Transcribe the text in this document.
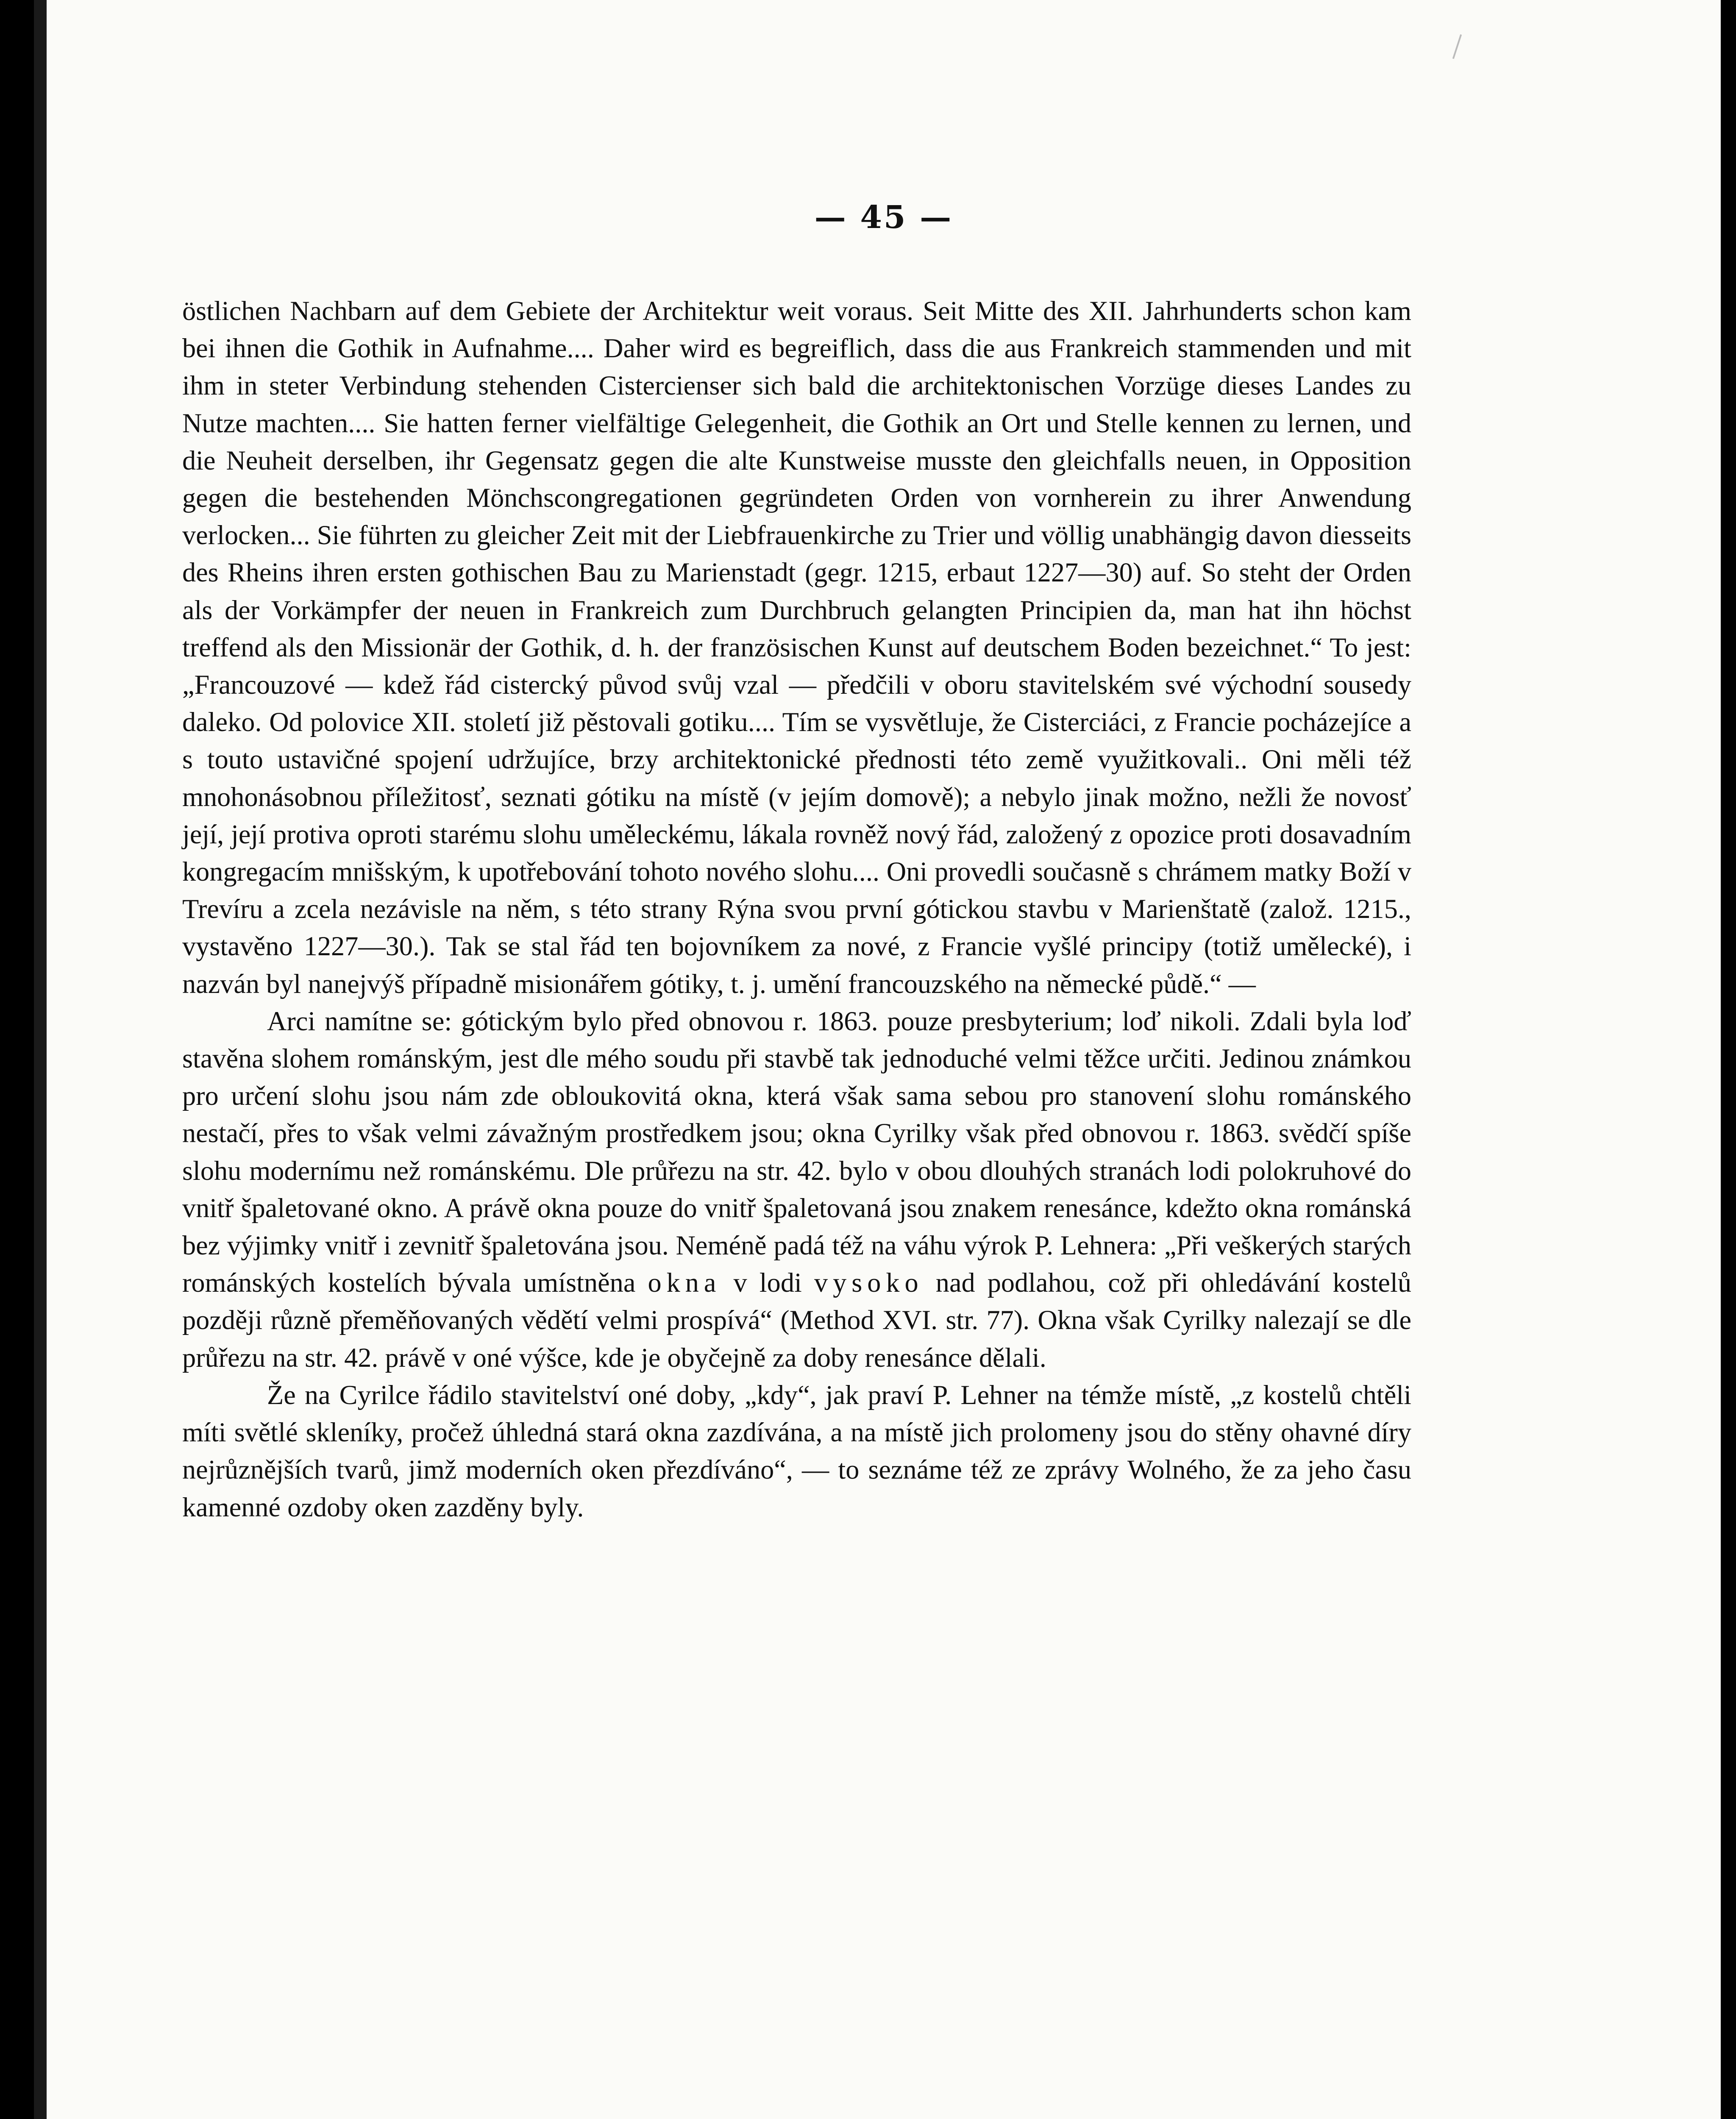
— 45 —

östlichen Nachbarn auf dem Gebiete der Architektur weit voraus. Seit Mitte des XII. Jahrhunderts schon kam bei ihnen die Gothik in Aufnahme.... Daher wird es begreiflich, dass die aus Frankreich stammenden und mit ihm in steter Verbindung stehenden Cistercienser sich bald die architektonischen Vorzüge dieses Landes zu Nutze machten.... Sie hatten ferner vielfältige Gelegenheit, die Gothik an Ort und Stelle kennen zu lernen, und die Neuheit derselben, ihr Gegensatz gegen die alte Kunstweise musste den gleichfalls neuen, in Opposition gegen die bestehenden Mönchscongregationen gegründeten Orden von vornherein zu ihrer Anwendung verlocken... Sie führten zu gleicher Zeit mit der Liebfrauenkirche zu Trier und völlig unabhängig davon diesseits des Rheins ihren ersten gothischen Bau zu Marienstadt (gegr. 1215, erbaut 1227—30) auf. So steht der Orden als der Vorkämpfer der neuen in Frankreich zum Durchbruch gelangten Principien da, man hat ihn höchst treffend als den Missionär der Gothik, d. h. der französischen Kunst auf deutschem Boden bezeichnet.“ To jest: „Francouzové — kdež řád cistercký původ svůj vzal — předčili v oboru stavitelském své východní sousedy daleko. Od polovice XII. století již pěstovali gotiku.... Tím se vysvětluje, že Cisterciáci, z Francie pocházejíce a s touto ustavičné spojení udržujíce, brzy architektonické přednosti této země využitkovali.. Oni měli též mnohonásobnou příležitosť, seznati gótiku na místě (v jejím domově); a nebylo jinak možno, nežli že novosť její, její protiva oproti starému slohu uměleckému, lákala rovněž nový řád, založený z opozice proti dosavadním kongregacím mnišským, k upotřebování tohoto nového slohu.... Oni provedli současně s chrámem matky Boží v Trevíru a zcela nezávisle na něm, s této strany Rýna svou první gótickou stavbu v Marienštatě (založ. 1215., vystavěno 1227—30.). Tak se stal řád ten bojovníkem za nové, z Francie vyšlé principy (totiž umělecké), i nazván byl nanejvýš případně misionářem gótiky, t. j. umění francouzského na německé půdě.“ —

Arci namítne se: gótickým bylo před obnovou r. 1863. pouze presbyterium; loď nikoli. Zdali byla loď stavěna slohem románským, jest dle mého soudu při stavbě tak jednoduché velmi těžce určiti. Jedinou známkou pro určení slohu jsou nám zde obloukovitá okna, která však sama sebou pro stanovení slohu románského nestačí, přes to však velmi závažným prostředkem jsou; okna Cyrilky však před obnovou r. 1863. svědčí spíše slohu modernímu než románskému. Dle průřezu na str. 42. bylo v obou dlouhých stranách lodi polokruhové do vnitř špaletované okno. A právě okna pouze do vnitř špaletovaná jsou znakem renesánce, kdežto okna románská bez výjimky vnitř i zevnitř špaletována jsou. Neméně padá též na váhu výrok P. Lehnera: „Při veškerých starých románských kostelích bývala umístněna okna v lodi vysoko nad podlahou, což při ohledávání kostelů později různě přeměňovaných vědětí velmi prospívá“ (Method XVI. str. 77). Okna však Cyrilky nalezají se dle průřezu na str. 42. právě v oné výšce, kde je obyčejně za doby renesánce dělali.

Že na Cyrilce řádilo stavitelství oné doby, „kdy“, jak praví P. Lehner na témže místě, „z kostelů chtěli míti světlé skleníky, pročež úhledná stará okna zazdívána, a na místě jich prolomeny jsou do stěny ohavné díry nejrůznějších tvarů, jimž moderních oken přezdíváno“, — to seznáme též ze zprávy Wolného, že za jeho času kamenné ozdoby oken zazděny byly.
